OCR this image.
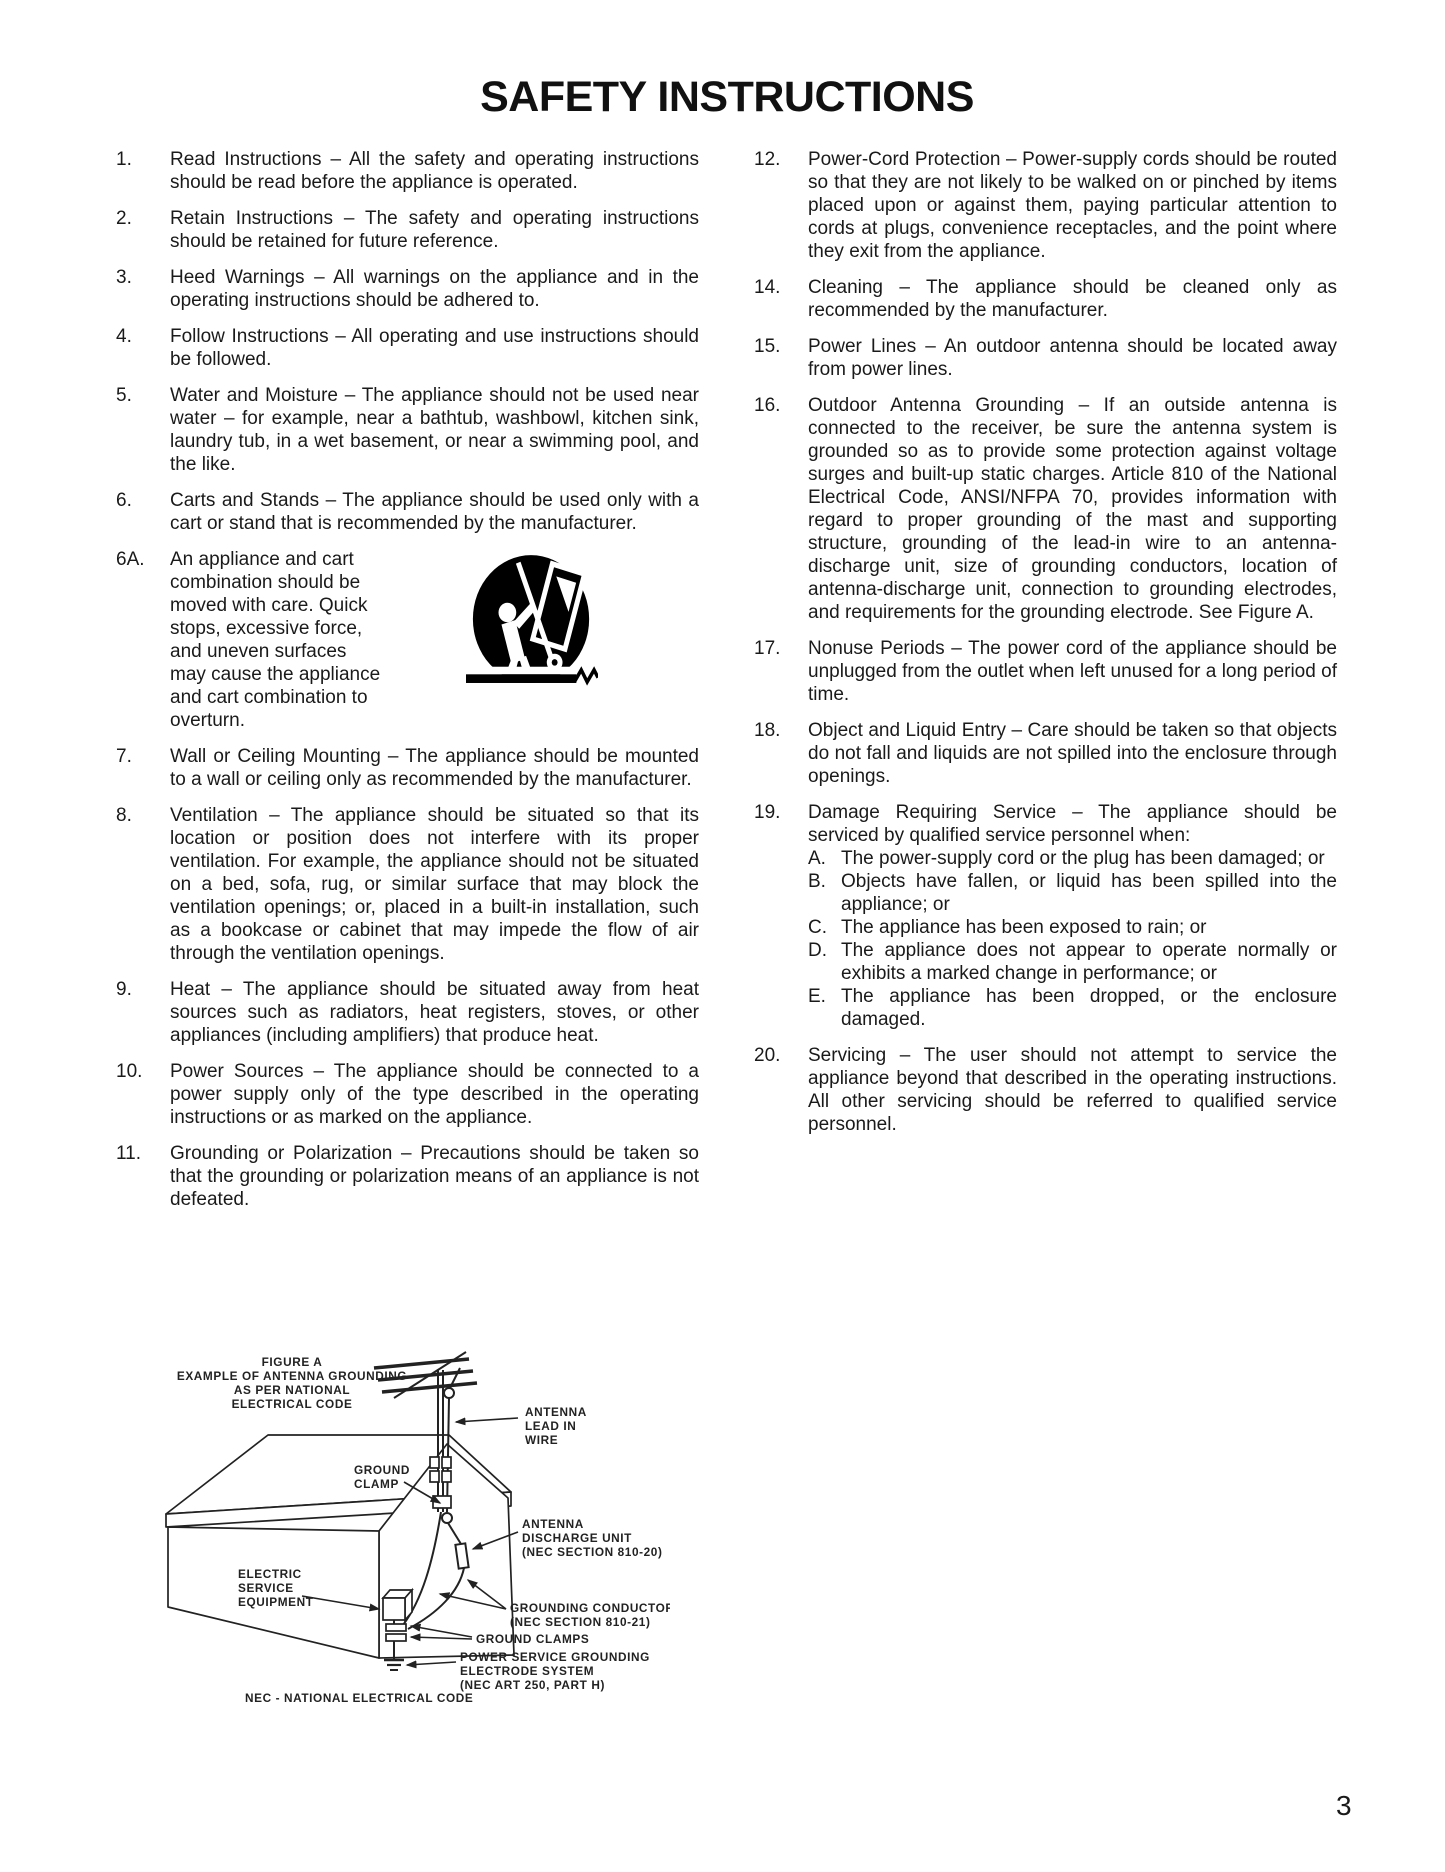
SAFETY INSTRUCTIONS
1.	Read Instructions – All the safety and operating instructions should be read before the appliance is operated.
2.	Retain Instructions – The safety and operating instructions should be retained for future reference.
3.	Heed Warnings – All warnings on the appliance and in the operating instructions should be adhered to.
4.	Follow Instructions – All operating and use instructions should be followed.
5.	Water and Moisture – The appliance should not be used near water – for example, near a bathtub, washbowl, kitchen sink, laundry tub, in a wet basement, or near a swimming pool, and the like.
6.	Carts and Stands – The appliance should be used only with a cart or stand that is recommended by the manufacturer.
6A.	An appliance and cart combination should be moved with care. Quick stops, excessive force, and uneven surfaces may cause the appliance and cart combination to overturn.
7.	Wall or Ceiling Mounting – The appliance should be mounted to a wall or ceiling only as recommended by the manufacturer.
8.	Ventilation – The appliance should be situated so that its location or position does not interfere with its proper ventilation. For example, the appliance should not be situated on a bed, sofa, rug, or similar surface that may block the ventilation openings; or, placed in a built-in installation, such as a bookcase or cabinet that may impede the flow of air through the ventilation openings.
9.	Heat – The appliance should be situated away from heat sources such as radiators, heat registers, stoves, or other appliances (including amplifiers) that produce heat.
10.	Power Sources – The appliance should be connected to a power supply only of the type described in the operating instructions or as marked on the appliance.
11.	Grounding or Polarization – Precautions should be taken so that the grounding or polarization means of an appliance is not defeated.
12.	Power-Cord Protection – Power-supply cords should be routed so that they are not likely to be walked on or pinched by items placed upon or against them, paying particular attention to cords at plugs, convenience receptacles, and the point where they exit from the appliance.
14.	Cleaning – The appliance should be cleaned only as recommended by the manufacturer.
15.	Power Lines – An outdoor antenna should be located away from power lines.
16.	Outdoor Antenna Grounding – If an outside antenna is connected to the receiver, be sure the antenna system is grounded so as to provide some protection against voltage surges and built-up static charges. Article 810 of the National Electrical Code, ANSI/NFPA 70, provides information with regard to proper grounding of the mast and supporting structure, grounding of the lead-in wire to an antenna-discharge unit, size of grounding conductors, location of antenna-discharge unit, connection to grounding electrodes, and requirements for the grounding electrode. See Figure A.
17.	Nonuse Periods – The power cord of the appliance should be unplugged from the outlet when left unused for a long period of time.
18.	Object and Liquid Entry – Care should be taken so that objects do not fall and liquids are not spilled into the enclosure through openings.
19.	Damage Requiring Service – The appliance should be serviced by qualified service personnel when:
A. The power-supply cord or the plug has been damaged; or
B. Objects have fallen, or liquid has been spilled into the appliance; or
C. The appliance has been exposed to rain; or
D. The appliance does not appear to operate normally or exhibits a marked change in performance; or
E. The appliance has been dropped, or the enclosure damaged.
20.	Servicing – The user should not attempt to service the appliance beyond that described in the operating instructions. All other servicing should be referred to qualified service personnel.
FIGURE A
EXAMPLE OF ANTENNA GROUNDING
AS PER NATIONAL
ELECTRICAL CODE
ANTENNA
LEAD IN
WIRE
GROUND
CLAMP
ANTENNA
DISCHARGE UNIT
(NEC SECTION 810-20)
ELECTRIC
SERVICE
EQUIPMENT	GROUNDING CONDUCTORS
(NEC SECTION 810-21)
GROUND CLAMPS
POWER SERVICE GROUNDING
ELECTRODE SYSTEM
(NEC ART 250, PART H)
NEC - NATIONAL ELECTRICAL CODE
3
